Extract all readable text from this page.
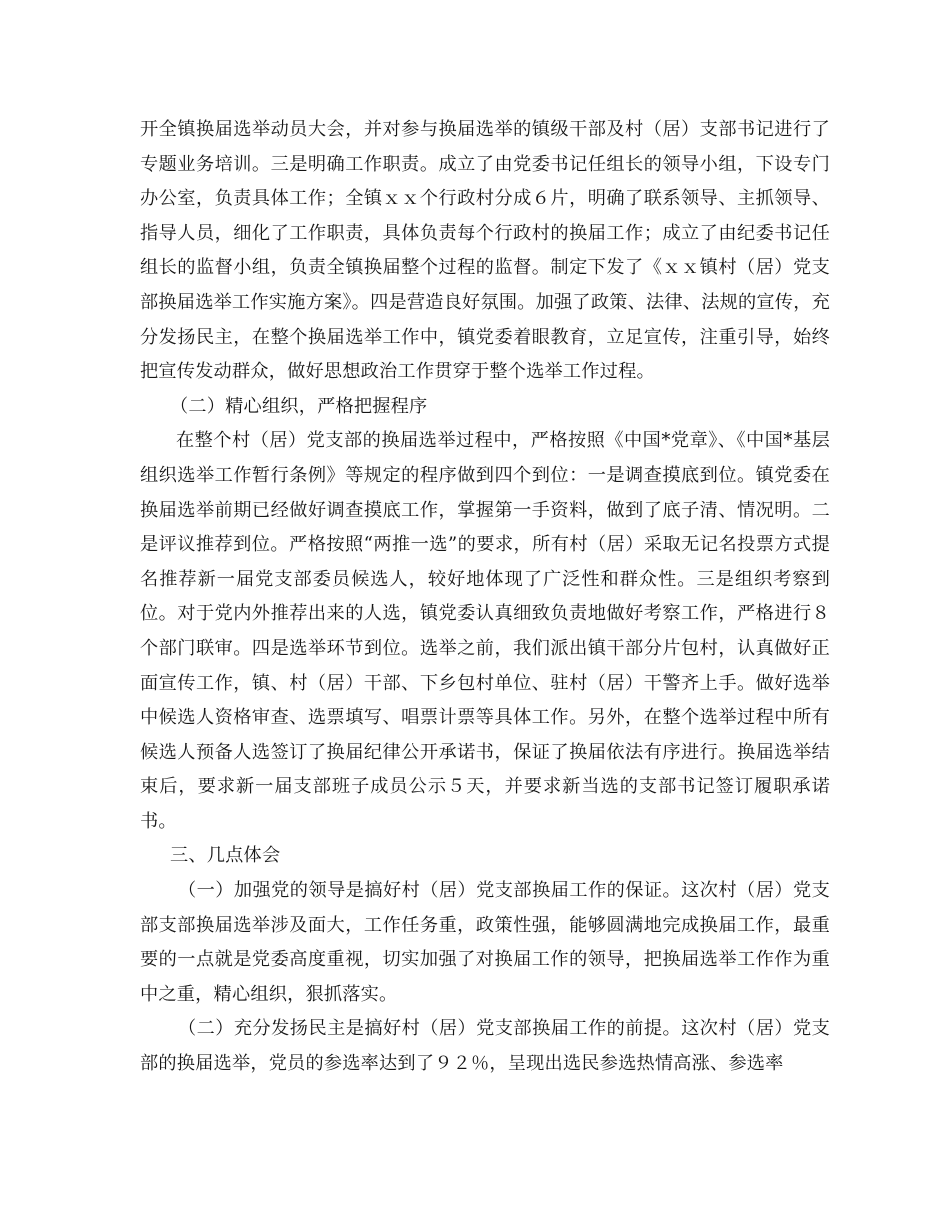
开全镇换届选举动员大会，并对参与换届选举的镇级干部及村（居）支部书记进行了专题业务培训。三是明确工作职责。成立了由党委书记任组长的领导小组，下设专门办公室，负责具体工作；全镇ｘｘ个行政村分成６片，明确了联系领导、主抓领导、指导人员，细化了工作职责，具体负责每个行政村的换届工作；成立了由纪委书记任组长的监督小组，负责全镇换届整个过程的监督。制定下发了《ｘｘ镇村（居）党支部换届选举工作实施方案》。四是营造良好氛围。加强了政策、法律、法规的宣传，充分发扬民主，在整个换届选举工作中，镇党委着眼教育，立足宣传，注重引导，始终把宣传发动群众，做好思想政治工作贯穿于整个选举工作过程。

（二）精心组织，严格把握程序

在整个村（居）党支部的换届选举过程中，严格按照《中国*党章》、《中国*基层组织选举工作暂行条例》等规定的程序做到四个到位：一是调查摸底到位。镇党委在换届选举前期已经做好调查摸底工作，掌握第一手资料，做到了底子清、情况明。二是评议推荐到位。严格按照“两推一选”的要求，所有村（居）采取无记名投票方式提名推荐新一届党支部委员候选人，较好地体现了广泛性和群众性。三是组织考察到位。对于党内外推荐出来的人选，镇党委认真细致负责地做好考察工作，严格进行８个部门联审。四是选举环节到位。选举之前，我们派出镇干部分片包村，认真做好正面宣传工作，镇、村（居）干部、下乡包村单位、驻村（居）干警齐上手。做好选举中候选人资格审查、选票填写、唱票计票等具体工作。另外，在整个选举过程中所有候选人预备人选签订了换届纪律公开承诺书，保证了换届依法有序进行。换届选举结束后，要求新一届支部班子成员公示５天，并要求新当选的支部书记签订履职承诺书。

三、几点体会

（一）加强党的领导是搞好村（居）党支部换届工作的保证。这次村（居）党支部支部换届选举涉及面大，工作任务重，政策性强，能够圆满地完成换届工作，最重要的一点就是党委高度重视，切实加强了对换届工作的领导，把换届选举工作作为重中之重，精心组织，狠抓落实。

（二）充分发扬民主是搞好村（居）党支部换届工作的前提。这次村（居）党支部的换届选举，党员的参选率达到了９２％，呈现出选民参选热情高涨、参选率
